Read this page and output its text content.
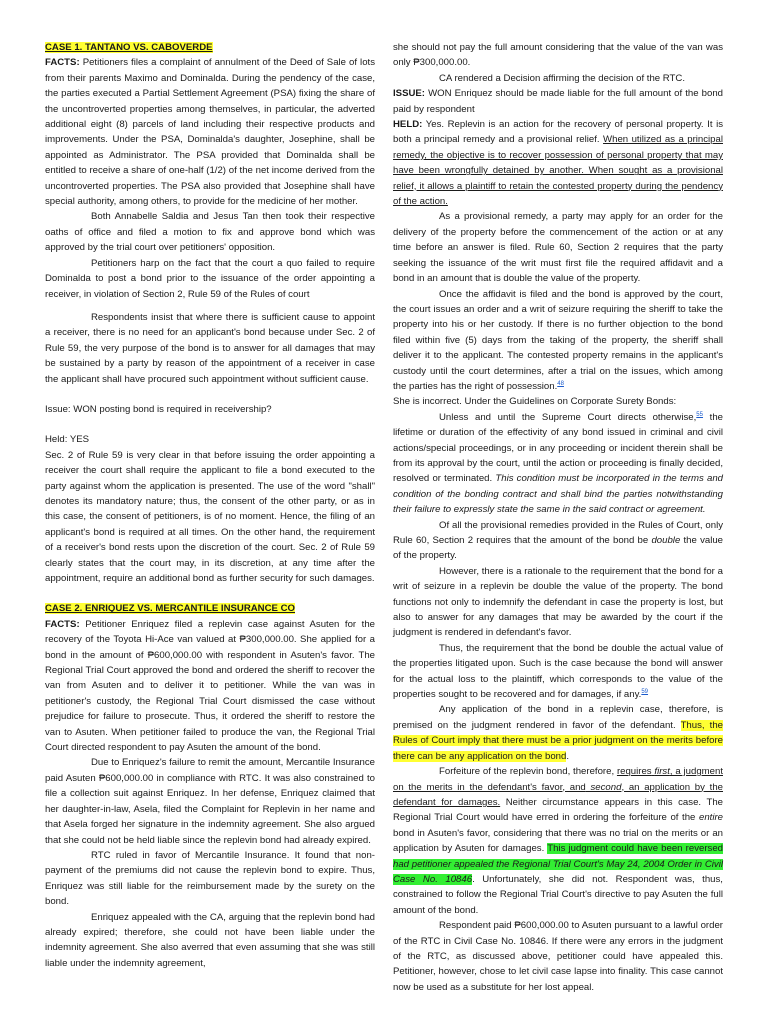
CASE 1. TANTANO VS. CABOVERDE

FACTS: Petitioners files a complaint of annulment of the Deed of Sale of lots from their parents Maximo and Dominalda. During the pendency of the case, the parties executed a Partial Settlement Agreement (PSA) fixing the share of the uncontroverted properties among themselves, in particular, the adverted additional eight (8) parcels of land including their respective products and improvements. Under the PSA, Dominalda's daughter, Josephine, shall be appointed as Administrator. The PSA provided that Dominalda shall be entitled to receive a share of one-half (1/2) of the net income derived from the uncontroverted properties. The PSA also provided that Josephine shall have special authority, among others, to provide for the medicine of her mother.

Both Annabelle Saldia and Jesus Tan then took their respective oaths of office and filed a motion to fix and approve bond which was approved by the trial court over petitioners' opposition.

Petitioners harp on the fact that the court a quo failed to require Dominalda to post a bond prior to the issuance of the order appointing a receiver, in violation of Section 2, Rule 59 of the Rules of court

Respondents insist that where there is sufficient cause to appoint a receiver, there is no need for an applicant's bond because under Sec. 2 of Rule 59, the very purpose of the bond is to answer for all damages that may be sustained by a party by reason of the appointment of a receiver in case the applicant shall have procured such appointment without sufficient cause.

Issue: WON posting bond is required in receivership?

Held: YES

Sec. 2 of Rule 59 is very clear in that before issuing the order appointing a receiver the court shall require the applicant to file a bond executed to the party against whom the application is presented. The use of the word "shall" denotes its mandatory nature; thus, the consent of the other party, or as in this case, the consent of petitioners, is of no moment. Hence, the filing of an applicant's bond is required at all times. On the other hand, the requirement of a receiver's bond rests upon the discretion of the court. Sec. 2 of Rule 59 clearly states that the court may, in its discretion, at any time after the appointment, require an additional bond as further security for such damages.

CASE 2. ENRIQUEZ VS. MERCANTILE INSURANCE CO

FACTS: Petitioner Enriquez filed a replevin case against Asuten for the recovery of the Toyota Hi-Ace van valued at ₱300,000.00. She applied for a bond in the amount of ₱600,000.00 with respondent in Asuten's favor. The Regional Trial Court approved the bond and ordered the sheriff to recover the van from Asuten and to deliver it to petitioner. While the van was in petitioner's custody, the Regional Trial Court dismissed the case without prejudice for failure to prosecute. Thus, it ordered the sheriff to restore the van to Asuten. When petitioner failed to produce the van, the Regional Trial Court directed respondent to pay Asuten the amount of the bond.

Due to Enriquez's failure to remit the amount, Mercantile Insurance paid Asuten ₱600,000.00 in compliance with RTC. It was also constrained to file a collection suit against Enriquez. In her defense, Enriquez claimed that her daughter-in-law, Asela, filed the Complaint for Replevin in her name and that Asela forged her signature in the indemnity agreement. She also argued that she could not be held liable since the replevin bond had already expired.

RTC ruled in favor of Mercantile Insurance. It found that non-payment of the premiums did not cause the replevin bond to expire. Thus, Enriquez was still liable for the reimbursement made by the surety on the bond.

Enriquez appealed with the CA, arguing that the replevin bond had already expired; therefore, she could not have been liable under the indemnity agreement. She also averred that even assuming that she was still liable under the indemnity agreement,

she should not pay the full amount considering that the value of the van was only ₱300,000.00.

CA rendered a Decision affirming the decision of the RTC.

ISSUE: WON Enriquez should be made liable for the full amount of the bond paid by respondent

HELD: Yes. Replevin is an action for the recovery of personal property. It is both a principal remedy and a provisional relief. When utilized as a principal remedy, the objective is to recover possession of personal property that may have been wrongfully detained by another. When sought as a provisional relief, it allows a plaintiff to retain the contested property during the pendency of the action.

As a provisional remedy, a party may apply for an order for the delivery of the property before the commencement of the action or at any time before an answer is filed. Rule 60, Section 2 requires that the party seeking the issuance of the writ must first file the required affidavit and a bond in an amount that is double the value of the property.

Once the affidavit is filed and the bond is approved by the court, the court issues an order and a writ of seizure requiring the sheriff to take the property into his or her custody. If there is no further objection to the bond filed within five (5) days from the taking of the property, the sheriff shall deliver it to the applicant. The contested property remains in the applicant's custody until the court determines, after a trial on the issues, which among the parties has the right of possession.$^{48}$

She is incorrect. Under the Guidelines on Corporate Surety Bonds:

Unless and until the Supreme Court directs otherwise,$^{55}$ the lifetime or duration of the effectivity of any bond issued in criminal and civil actions/special proceedings, or in any proceeding or incident therein shall be from its approval by the court, until the action or proceeding is finally decided, resolved or terminated. This condition must be incorporated in the terms and condition of the bonding contract and shall bind the parties notwithstanding their failure to expressly state the same in the said contract or agreement.

Of all the provisional remedies provided in the Rules of Court, only Rule 60, Section 2 requires that the amount of the bond be double the value of the property.

However, there is a rationale to the requirement that the bond for a writ of seizure in a replevin be double the value of the property. The bond functions not only to indemnify the defendant in case the property is lost, but also to answer for any damages that may be awarded by the court if the judgment is rendered in defendant's favor.

Thus, the requirement that the bond be double the actual value of the properties litigated upon. Such is the case because the bond will answer for the actual loss to the plaintiff, which corresponds to the value of the properties sought to be recovered and for damages, if any.$^{59}$

Any application of the bond in a replevin case, therefore, is premised on the judgment rendered in favor of the defendant. Thus, the Rules of Court imply that there must be a prior judgment on the merits before there can be any application on the bond.

Forfeiture of the replevin bond, therefore, requires first, a judgment on the merits in the defendant's favor, and second, an application by the defendant for damages. Neither circumstance appears in this case. The Regional Trial Court would have erred in ordering the forfeiture of the entire bond in Asuten's favor, considering that there was no trial on the merits or an application by Asuten for damages. This judgment could have been reversed had petitioner appealed the Regional Trial Court's May 24, 2004 Order in Civil Case No. 10846. Unfortunately, she did not. Respondent was, thus, constrained to follow the Regional Trial Court's directive to pay Asuten the full amount of the bond.

Respondent paid ₱600,000.00 to Asuten pursuant to a lawful order of the RTC in Civil Case No. 10846. If there were any errors in the judgment of the RTC, as discussed above, petitioner could have appealed this. Petitioner, however, chose to let civil case lapse into finality. This case cannot now be used as a substitute for her lost appeal.
